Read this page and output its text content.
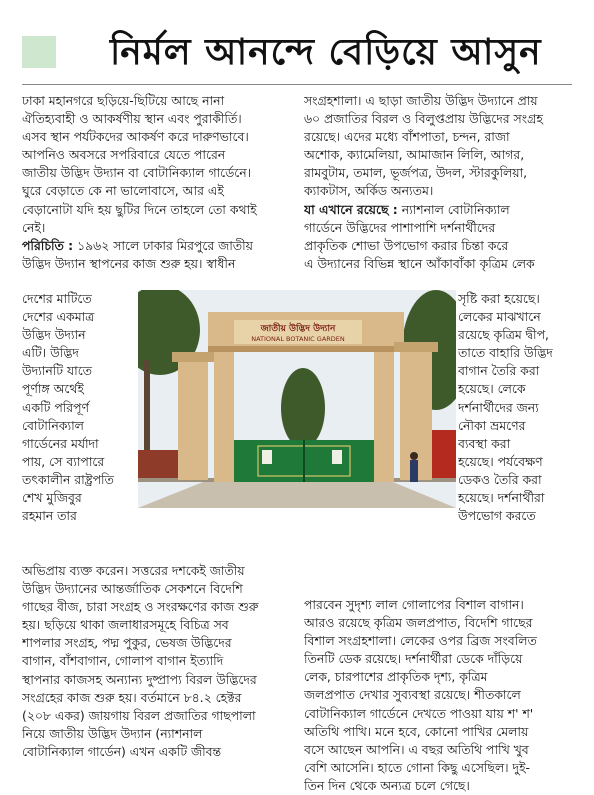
নির্মল আনন্দে বেড়িয়ে আসুন

ঢাকা মহানগরে ছড়িয়ে-ছিটিয়ে আছে নানা
ঐতিহ্যবাহী ও আকর্ষণীয় স্থান এবং পুরাকীর্তি।
এসব স্থান পর্যটকদের আকর্ষণ করে দারুণভাবে।
আপনিও অবসরে সপরিবারে যেতে পারেন
জাতীয় উদ্ভিদ উদ্যান বা বোটানিক্যাল গার্ডেনে।
ঘুরে বেড়াতে কে না ভালোবাসে, আর এই
বেড়ানোটা যদি হয় ছুটির দিনে তাহলে তো কথাই
নেই।

পরিচিতি : ১৯৬২ সালে ঢাকার মিরপুরে জাতীয়
উদ্ভিদ উদ্যান স্থাপনের কাজ শুরু হয়। স্বাধীন

দেশের মাটিতে
দেশের একমাত্র
উদ্ভিদ উদ্যান
এটি। উদ্ভিদ
উদ্যানটি যাতে
পূর্ণাঙ্গ অর্থেই
একটি পরিপূর্ণ
বোটানিক্যাল
গার্ডেনের মর্যাদা
পায়, সে ব্যাপারে
তৎকালীন রাষ্ট্রপতি
শেখ মুজিবুর
রহমান তার
জাতীয় উদ্ভিদ উদ্যান
NATIONAL BOTANIC GARDEN
অভিপ্রায় ব্যক্ত করেন। সত্তরের দশকেই জাতীয়
উদ্ভিদ উদ্যানের আন্তর্জাতিক সেকশনে বিদেশি
গাছের বীজ, চারা সংগ্রহ ও সংরক্ষণের কাজ শুরু
হয়। ছড়িয়ে থাকা জলাধারসমূহে বিচিত্র সব
শাপলার সংগ্রহ, পদ্ম পুকুর, ভেষজ উদ্ভিদের
বাগান, বাঁশবাগান, গোলাপ বাগান ইত্যাদি
স্থাপনার কাজসহ অন্যান্য দুষ্প্রাপ্য বিরল উদ্ভিদের
সংগ্রহের কাজ শুরু হয়। বর্তমানে ৮৪.২ হেক্টর
(২০৮ একর) জায়গায় বিরল প্রজাতির গাছপালা
নিয়ে জাতীয় উদ্ভিদ উদ্যান (ন্যাশনাল
বোটানিক্যাল গার্ডেন) এখন একটি জীবন্ত

সংগ্রহশালা। এ ছাড়া জাতীয় উদ্ভিদ উদ্যানে প্রায়
৬০ প্রজাতির বিরল ও বিলুপ্তপ্রায় উদ্ভিদের সংগ্রহ
রয়েছে। এদের মধ্যে বাঁশপাতা, চন্দন, রাজা
অশোক, ক্যামেলিয়া, আমাজান লিলি, আগর,
রামবুটাম, তমাল, ভূর্জপত্র, উদল, স্টারকুলিয়া,
ক্যাকটাস, অর্কিড অন্যতম।

যা এখানে রয়েছে : ন্যাশনাল বোটানিক্যাল
গার্ডেনে উদ্ভিদের পাশাপাশি দর্শনার্থীদের
প্রাকৃতিক শোভা উপভোগ করার চিন্তা করে
এ উদ্যানের বিভিন্ন স্থানে আঁকাবাঁকা কৃত্রিম লেক

সৃষ্টি করা হয়েছে।
লেকের মাঝখানে
রয়েছে কৃত্রিম দ্বীপ,
তাতে বাহারি উদ্ভিদ
বাগান তৈরি করা
হয়েছে। লেকে
দর্শনার্থীদের জন্য
নৌকা ভ্রমণের
ব্যবস্থা করা
হয়েছে। পর্যবেক্ষণ
ডেকও তৈরি করা
হয়েছে। দর্শনার্থীরা
উপভোগ করতে
পারবেন সুদৃশ্য লাল গোলাপের বিশাল বাগান।
আরও রয়েছে কৃত্রিম জলপ্রপাত, বিদেশি গাছের
বিশাল সংগ্রহশালা। লেকের ওপর ব্রিজ সংবলিত
তিনটি ডেক রয়েছে। দর্শনার্থীরা ডেকে দাঁড়িয়ে
লেক, চারপাশের প্রাকৃতিক দৃশ্য, কৃত্রিম
জলপ্রপাত দেখার সুব্যবস্থা রয়েছে। শীতকালে
বোটানিক্যাল গার্ডেনে দেখতে পাওয়া যায় শ' শ'
অতিথি পাখি। মনে হবে, কোনো পাখির মেলায়
বসে আছেন আপনি। এ বছর অতিথি পাখি খুব
বেশি আসেনি। হাতে গোনা কিছু এসেছিল। দুই-
তিন দিন থেকে অন্যত্র চলে গেছে।
